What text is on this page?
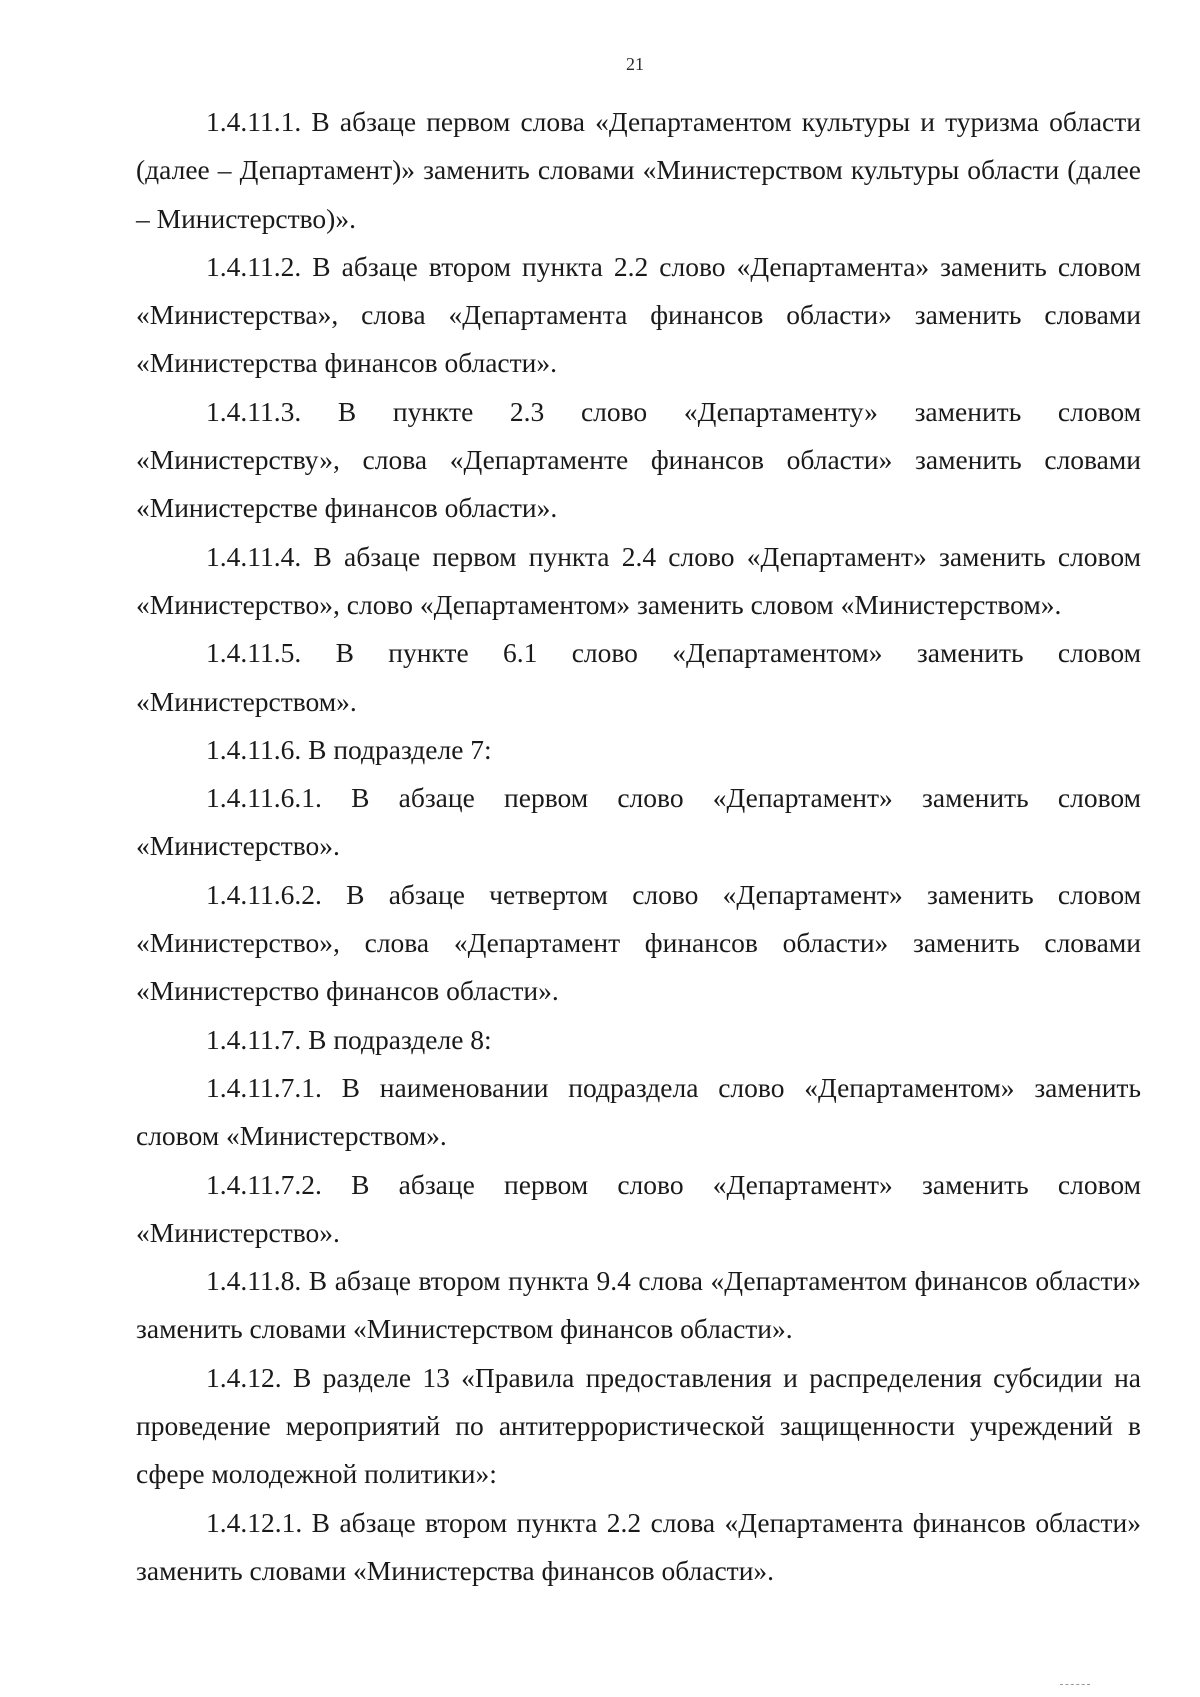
21

1.4.11.1. В абзаце первом слова «Департаментом культуры и туризма области (далее – Департамент)» заменить словами «Министерством культуры области (далее – Министерство)».

1.4.11.2. В абзаце втором пункта 2.2 слово «Департамента» заменить словом «Министерства», слова «Департамента финансов области» заменить словами «Министерства финансов области».

1.4.11.3. В пункте 2.3 слово «Департаменту» заменить словом «Министерству», слова «Департаменте финансов области» заменить словами «Министерстве финансов области».

1.4.11.4. В абзаце первом пункта 2.4 слово «Департамент» заменить словом «Министерство», слово «Департаментом» заменить словом «Министерством».

1.4.11.5. В пункте 6.1 слово «Департаментом» заменить словом «Министерством».

1.4.11.6. В подразделе 7:

1.4.11.6.1. В абзаце первом слово «Департамент» заменить словом «Министерство».

1.4.11.6.2. В абзаце четвертом слово «Департамент» заменить словом «Министерство», слова «Департамент финансов области» заменить словами «Министерство финансов области».

1.4.11.7. В подразделе 8:

1.4.11.7.1. В наименовании подраздела слово «Департаментом» заменить словом «Министерством».

1.4.11.7.2. В абзаце первом слово «Департамент» заменить словом «Министерство».

1.4.11.8. В абзаце втором пункта 9.4 слова «Департаментом финансов области» заменить словами «Министерством финансов области».

1.4.12. В разделе 13 «Правила предоставления и распределения субсидии на проведение мероприятий по антитеррористической защищенности учреждений в сфере молодежной политики»:

1.4.12.1. В абзаце втором пункта 2.2 слова «Департамента финансов области» заменить словами «Министерства финансов области».
